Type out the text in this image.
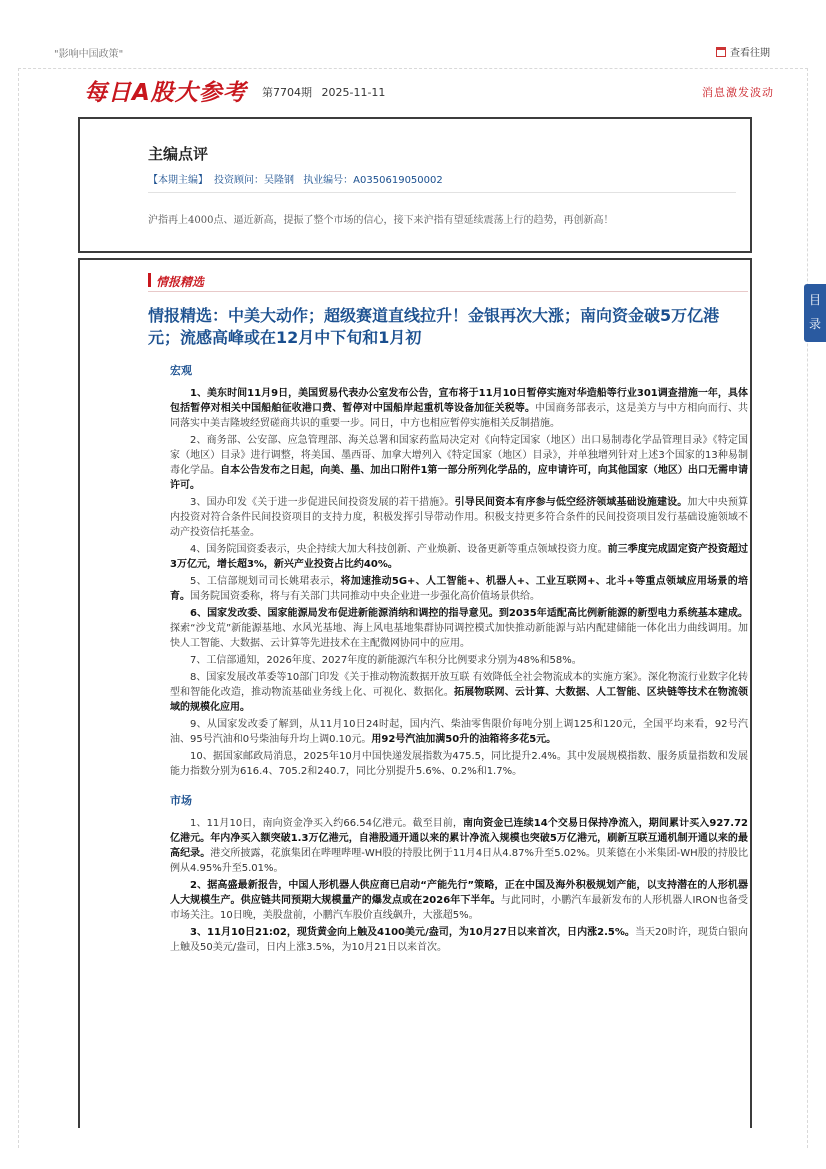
"影响中国政策"	查看往期
每日A股大参考 第7704期 2025-11-11	消息激发波动
主编点评
【本期主编】 投资顾问：吴隆钢 执业编号：A0350619050002
沪指再上4000点、逼近新高，提振了整个市场的信心，接下来沪指有望延续震荡上行的趋势，再创新高！
情报精选
情报精选：中美大动作；超级赛道直线拉升！金银再次大涨；南向资金破5万亿港元；流感高峰或在12月中下旬和1月初
宏观
1、美东时间11月9日，美国贸易代表办公室发布公告，宣布将于11月10日暂停实施对华造船等行业301调查措施一年，具体包括暂停对相关中国船舶征收港口费、暂停对中国船岸起重机等设备加征关税等。中国商务部表示，这是美方与中方相向而行、共同落实中美吉隆坡经贸磋商共识的重要一步。同日，中方也相应暂停实施相关反制措施。
2、商务部、公安部、应急管理部、海关总署和国家药监局决定对《向特定国家（地区）出口易制毒化学品管理目录》《特定国家（地区）目录》进行调整，将美国、墨西哥、加拿大增列入《特定国家（地区）目录》，并单独增列针对上述3个国家的13种易制毒化学品。自本公告发布之日起，向美、墨、加出口附件1第一部分所列化学品的，应申请许可，向其他国家（地区）出口无需申请许可。
3、国办印发《关于进一步促进民间投资发展的若干措施》。引导民间资本有序参与低空经济领域基础设施建设。加大中央预算内投资对符合条件民间投资项目的支持力度，积极发挥引导带动作用。积极支持更多符合条件的民间投资项目发行基础设施领域不动产投资信托基金。
4、国务院国资委表示，央企持续大加大科技创新、产业焕新、设备更新等重点领域投资力度。前三季度完成固定资产投资超过3万亿元，增长超3%，新兴产业投资占比约40%。
5、工信部规划司司长姚珺表示，将加速推动5G+、人工智能+、机器人+、工业互联网+、北斗+等重点领域应用场景的培育。国务院国资委称，将与有关部门共同推动中央企业进一步强化高价值场景供给。
6、国家发改委、国家能源局发布促进新能源消纳和调控的指导意见。到2035年适配高比例新能源的新型电力系统基本建成。探索“沙戈荒”新能源基地、水风光基地、海上风电基地集群协同调控模式加快推动新能源与站内配建储能一体化出力曲线调用。加快人工智能、大数据、云计算等先进技术在主配微网协同中的应用。
7、工信部通知，2026年度、2027年度的新能源汽车积分比例要求分别为48%和58%。
8、国家发展改革委等10部门印发《关于推动物流数据开放互联 有效降低全社会物流成本的实施方案》。深化物流行业数字化转型和智能化改造，推动物流基础业务线上化、可视化、数据化。拓展物联网、云计算、大数据、人工智能、区块链等技术在物流领域的规模化应用。
9、从国家发改委了解到，从11月10日24时起，国内汽、柴油零售限价每吨分别上调125和120元，全国平均来看，92号汽油、95号汽油和0号柴油每升均上调0.10元。用92号汽油加满50升的油箱将多花5元。
10、据国家邮政局消息，2025年10月中国快递发展指数为475.5，同比提升2.4%。其中发展规模指数、服务质量指数和发展能力指数分别为616.4、705.2和240.7，同比分别提升5.6%、0.2%和1.7%。
市场
1、11月10日，南向资金净买入约66.54亿港元。截至目前，南向资金已连续14个交易日保持净流入，期间累计买入927.72亿港元。年内净买入额突破1.3万亿港元，自港股通开通以来的累计净流入规模也突破5万亿港元，刷新互联互通机制开通以来的最高纪录。港交所披露，花旗集团在哔哩哔哩-WH股的持股比例于11月4日从4.87%升至5.02%。贝莱德在小米集团-WH股的持股比例从4.95%升至5.01%。
2、据高盛最新报告，中国人形机器人供应商已启动“产能先行”策略，正在中国及海外积极规划产能，以支持潜在的人形机器人大规模生产。供应链共同预期大规模量产的爆发点或在2026年下半年。与此同时，小鹏汽车最新发布的人形机器人IRON也备受市场关注。10日晚，美股盘前，小鹏汽车股价直线飙升，大涨超5%。
3、11月10日21:02，现货黄金向上触及4100美元/盎司，为10月27日以来首次，日内涨2.5%。当天20时许，现货白银向上触及50美元/盎司，日内上涨3.5%，为10月21日以来首次。
目
录
